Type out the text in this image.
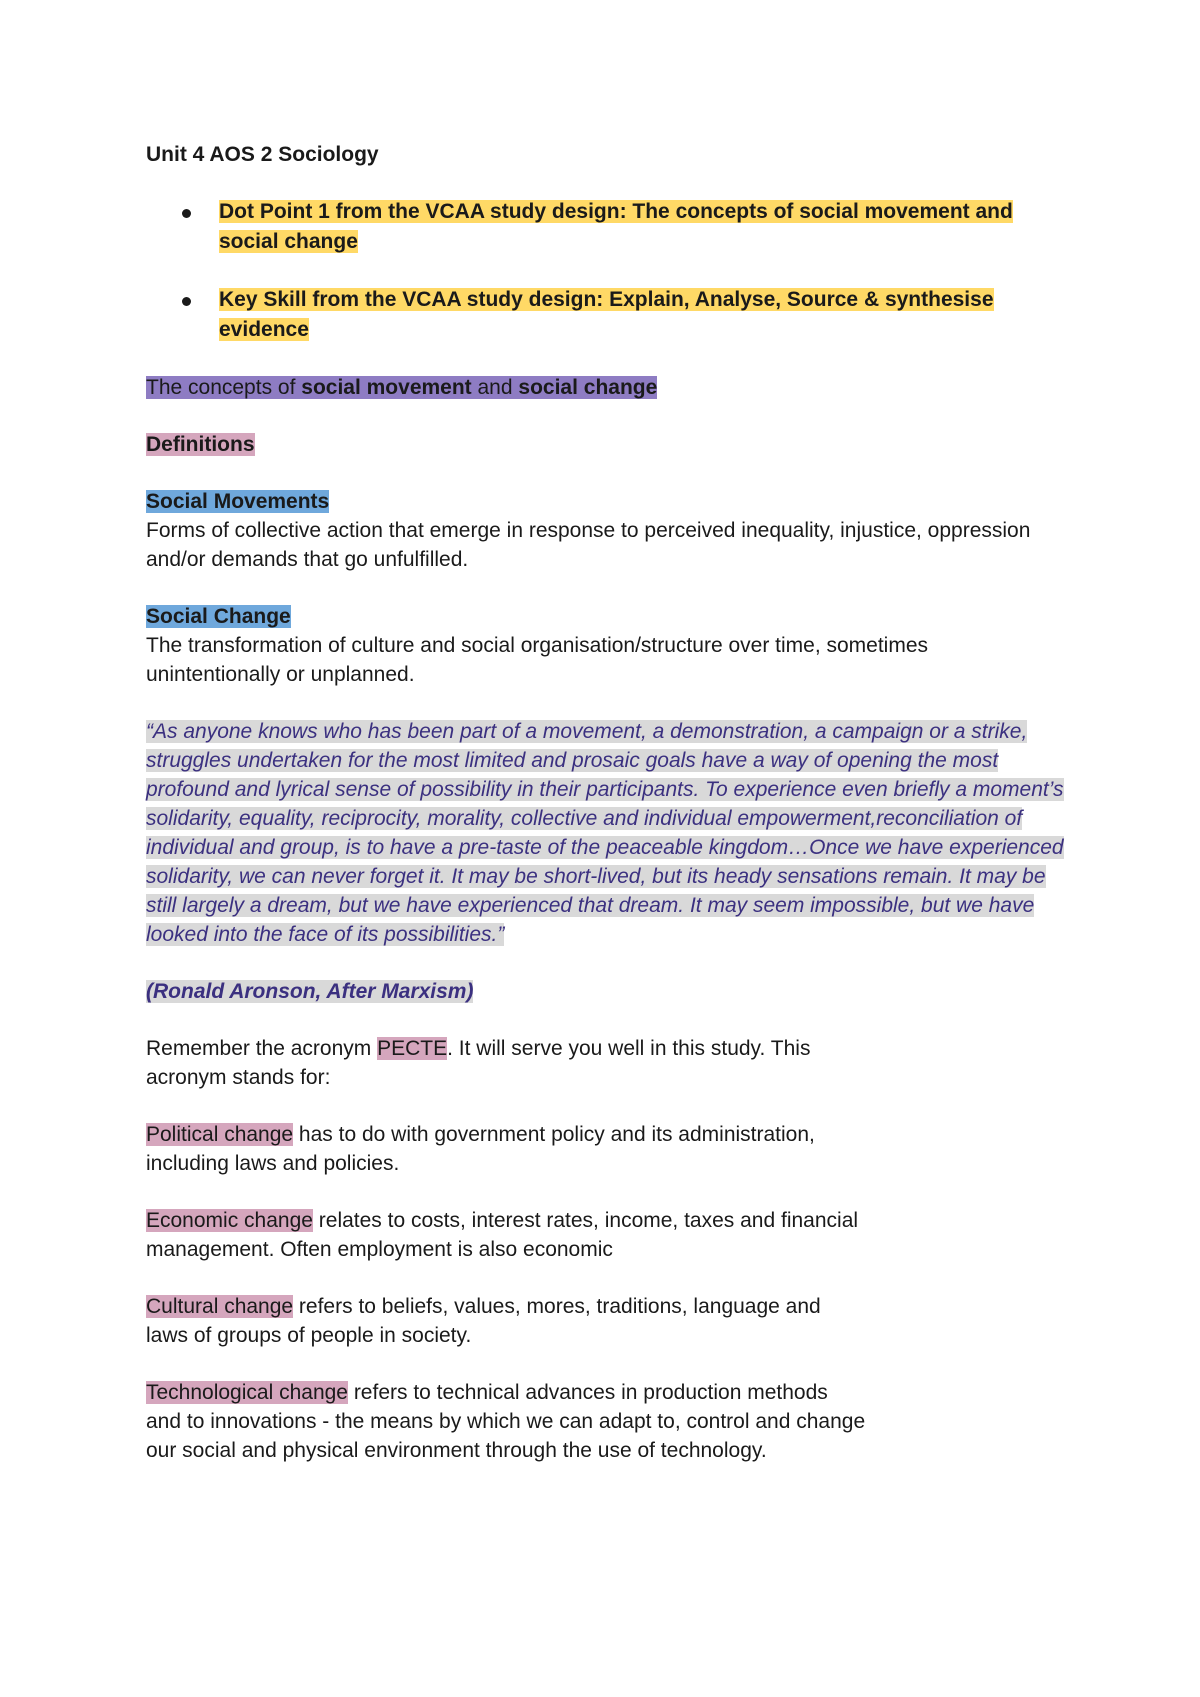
Unit 4 AOS 2 Sociology

Dot Point 1 from the VCAA study design: The concepts of social movement and social change
Key Skill from the VCAA study design: Explain, Analyse, Source & synthesise evidence

The concepts of social movement and social change

Definitions

Social Movements

Forms of collective action that emerge in response to perceived inequality, injustice, oppression and/or demands that go unfulfilled.

Social Change

The transformation of culture and social organisation/structure over time, sometimes unintentionally or unplanned.

“As anyone knows who has been part of a movement, a demonstration, a campaign or a strike, struggles undertaken for the most limited and prosaic goals have a way of opening the most profound and lyrical sense of possibility in their participants. To experience even briefly a moment’s solidarity, equality, reciprocity, morality, collective and individual empowerment,reconciliation of individual and group, is to have a pre-taste of the peaceable kingdom…Once we have experienced solidarity, we can never forget it. It may be short-lived, but its heady sensations remain. It may be still largely a dream, but we have experienced that dream. It may seem impossible, but we have looked into the face of its possibilities.”

(Ronald Aronson, After Marxism)

Remember the acronym PECTE. It will serve you well in this study. This acronym stands for:

Political change has to do with government policy and its administration, including laws and policies.

Economic change relates to costs, interest rates, income, taxes and financial management. Often employment is also economic

Cultural change refers to beliefs, values, mores, traditions, language and laws of groups of people in society.

Technological change refers to technical advances in production methods and to innovations - the means by which we can adapt to, control and change our social and physical environment through the use of technology.
